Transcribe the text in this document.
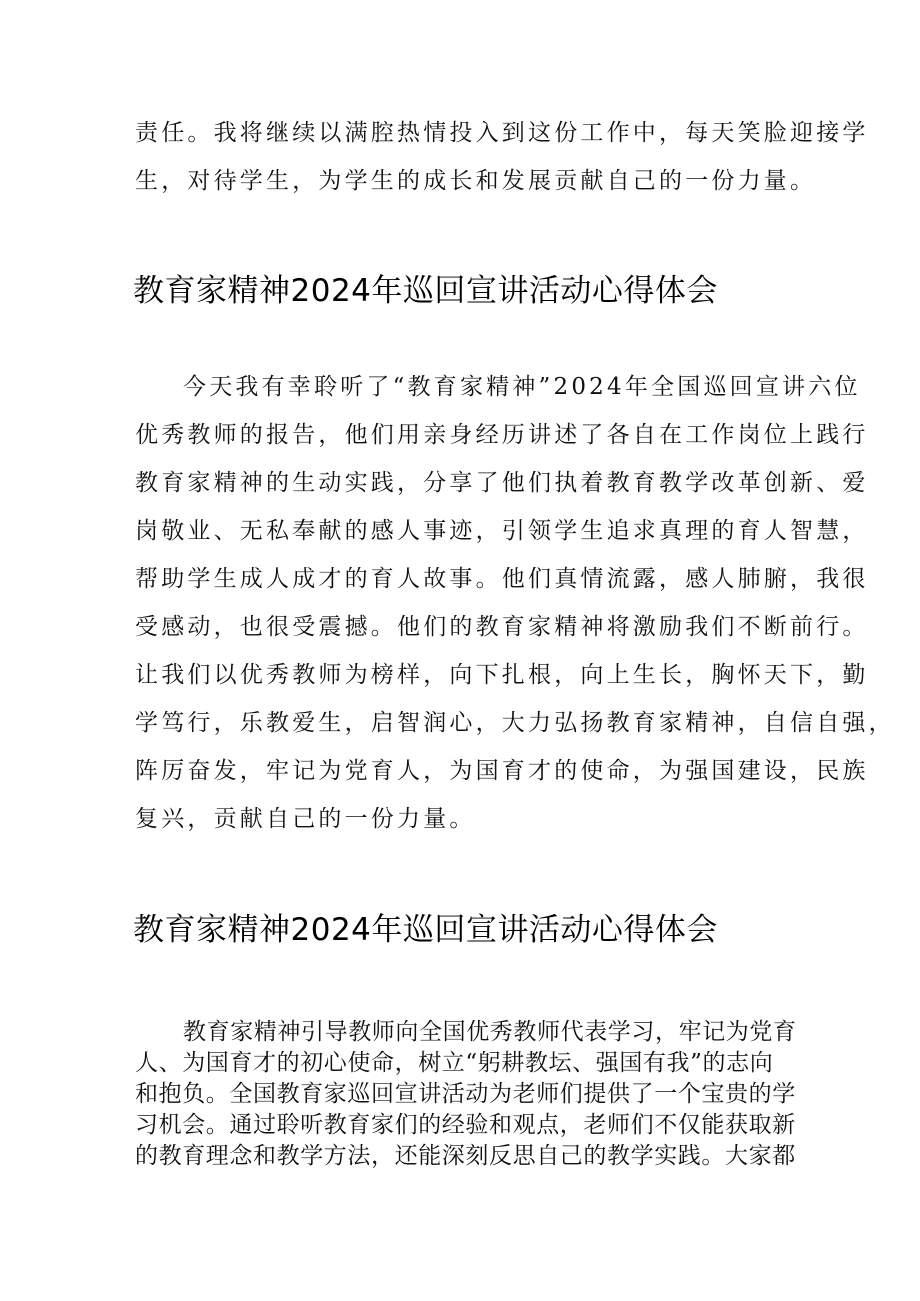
责任。我将继续以满腔热情投入到这份工作中，每天笑脸迎接学
生，对待学生，为学生的成长和发展贡献自己的一份力量。
教育家精神2024年巡回宣讲活动心得体会
今天我有幸聆听了“教育家精神”2024年全国巡回宣讲六位
优秀教师的报告，他们用亲身经历讲述了各自在工作岗位上践行
教育家精神的生动实践，分享了他们执着教育教学改革创新、爱
岗敬业、无私奉献的感人事迹，引领学生追求真理的育人智慧，
帮助学生成人成才的育人故事。他们真情流露，感人肺腑，我很
受感动，也很受震撼。他们的教育家精神将激励我们不断前行。
让我们以优秀教师为榜样，向下扎根，向上生长，胸怀天下，勤
学笃行，乐教爱生，启智润心，大力弘扬教育家精神，自信自强，
阵厉奋发，牢记为党育人，为国育才的使命，为强国建设，民族
复兴，贡献自己的一份力量。
教育家精神2024年巡回宣讲活动心得体会
教育家精神引导教师向全国优秀教师代表学习，牢记为党育
人、为国育才的初心使命，树立“躬耕教坛、强国有我”的志向
和抱负。全国教育家巡回宣讲活动为老师们提供了一个宝贵的学
习机会。通过聆听教育家们的经验和观点，老师们不仅能获取新
的教育理念和教学方法，还能深刻反思自己的教学实践。大家都
